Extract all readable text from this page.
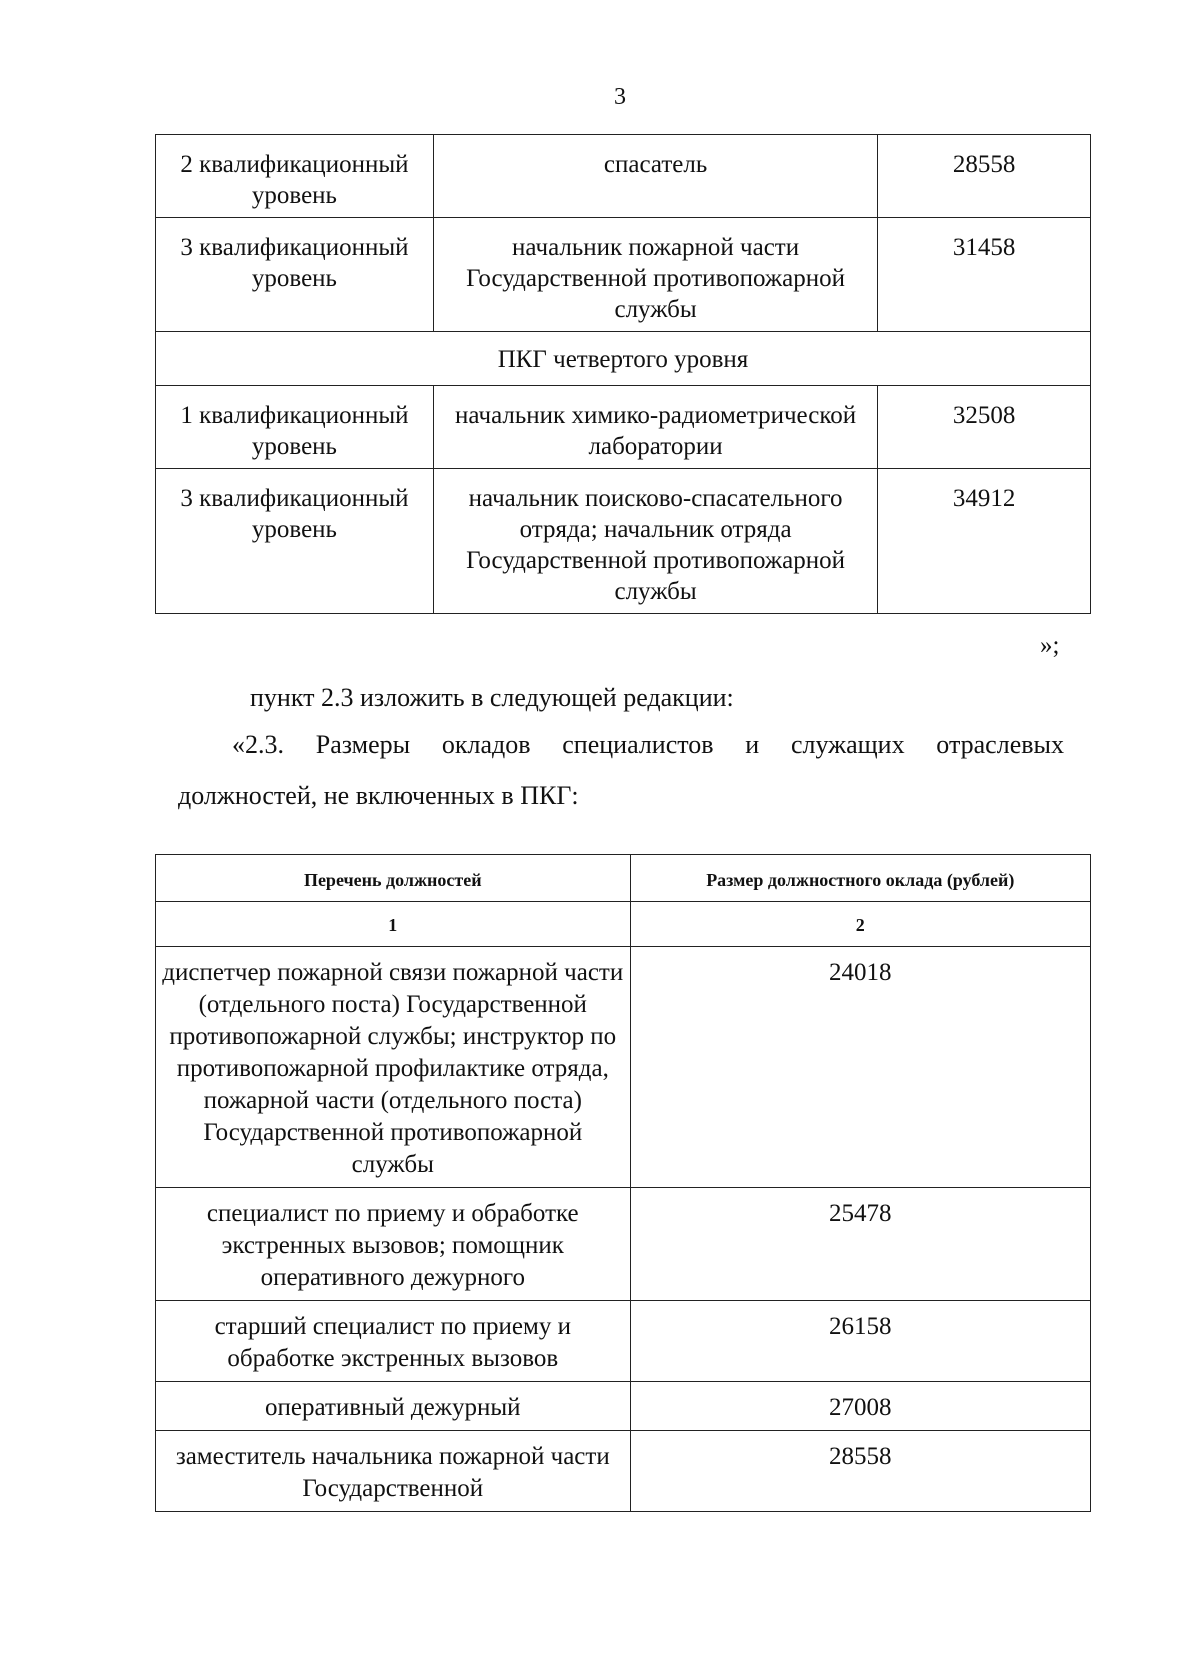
3
2 квалификационный уровень	спасатель	28558
3 квалификационный уровень	начальник пожарной части Государственной противопожарной службы	31458
ПКГ четвертого уровня		
1 квалификационный уровень	начальник химико-радиометрической лаборатории	32508
3 квалификационный уровень	начальник поисково-спасательного отряда; начальник отряда Государственной противопожарной службы	34912
»;
пункт 2.3 изложить в следующей редакции:
«2.3. Размеры окладов специалистов и служащих отраслевых
должностей, не включенных в ПКГ:
Перечень должностей	Размер должностного оклада (рублей)
1	2
диспетчер пожарной связи пожарной части (отдельного поста) Государственной противопожарной службы; инструктор по противопожарной профилактике отряда, пожарной части (отдельного поста) Государственной противопожарной службы	24018
специалист по приему и обработке экстренных вызовов; помощник оперативного дежурного	25478
старший специалист по приему и обработке экстренных вызовов	26158
оперативный дежурный	27008
заместитель начальника пожарной части Государственной	28558
